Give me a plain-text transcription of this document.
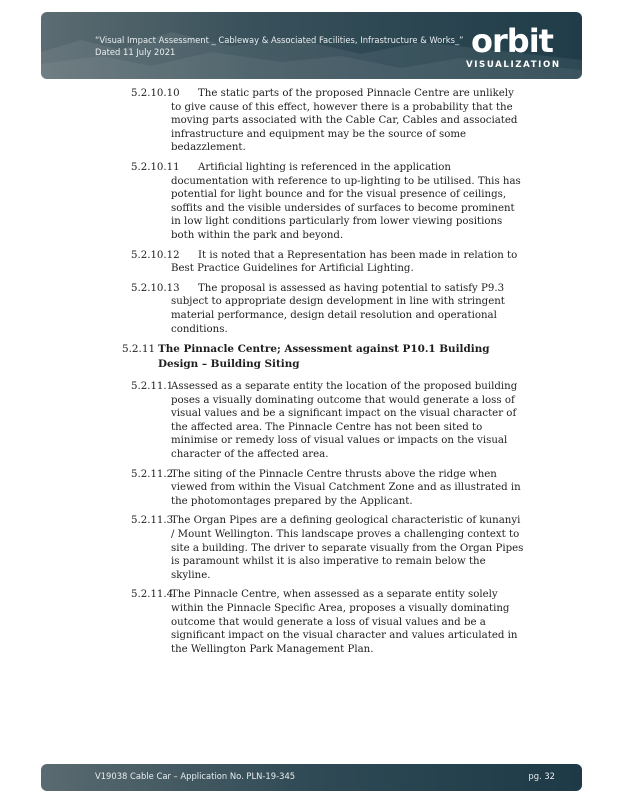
“Visual Impact Assessment _ Cableway & Associated Facilities, Infrastructure & Works_”
Dated 11 July 2021	orbit
VISUALIZATION
5.2.10.10	The static parts of the proposed Pinnacle Centre are unlikely to give cause of this effect, however there is a probability that the moving parts associated with the Cable Car, Cables and associated infrastructure and equipment may be the source of some bedazzlement.
5.2.10.11	Artificial lighting is referenced in the application documentation with reference to up-lighting to be utilised. This has potential for light bounce and for the visual presence of ceilings, soffits and the visible undersides of surfaces to become prominent in low light conditions particularly from lower viewing positions both within the park and beyond.
5.2.10.12	It is noted that a Representation has been made in relation to Best Practice Guidelines for Artificial Lighting.
5.2.10.13	The proposal is assessed as having potential to satisfy P9.3 subject to appropriate design development in line with stringent material performance, design detail resolution and operational conditions.
5.2.11 The Pinnacle Centre; Assessment against P10.1 Building Design – Building Siting
5.2.11.1
Assessed as a separate entity the location of the proposed building poses a visually dominating outcome that would generate a loss of visual values and be a significant impact on the visual character of the affected area. The Pinnacle Centre has not been sited to minimise or remedy loss of visual values or impacts on the visual character of the affected area.
5.2.11.2
The siting of the Pinnacle Centre thrusts above the ridge when viewed from within the Visual Catchment Zone and as illustrated in the photomontages prepared by the Applicant.
5.2.11.3
The Organ Pipes are a defining geological characteristic of kunanyi / Mount Wellington. This landscape proves a challenging context to site a building. The driver to separate visually from the Organ Pipes is paramount whilst it is also imperative to remain below the skyline.
5.2.11.4
The Pinnacle Centre, when assessed as a separate entity solely within the Pinnacle Specific Area, proposes a visually dominating outcome that would generate a loss of visual values and be a significant impact on the visual character and values articulated in the Wellington Park Management Plan.
V19038 Cable Car – Application No. PLN-19-345	pg. 32
